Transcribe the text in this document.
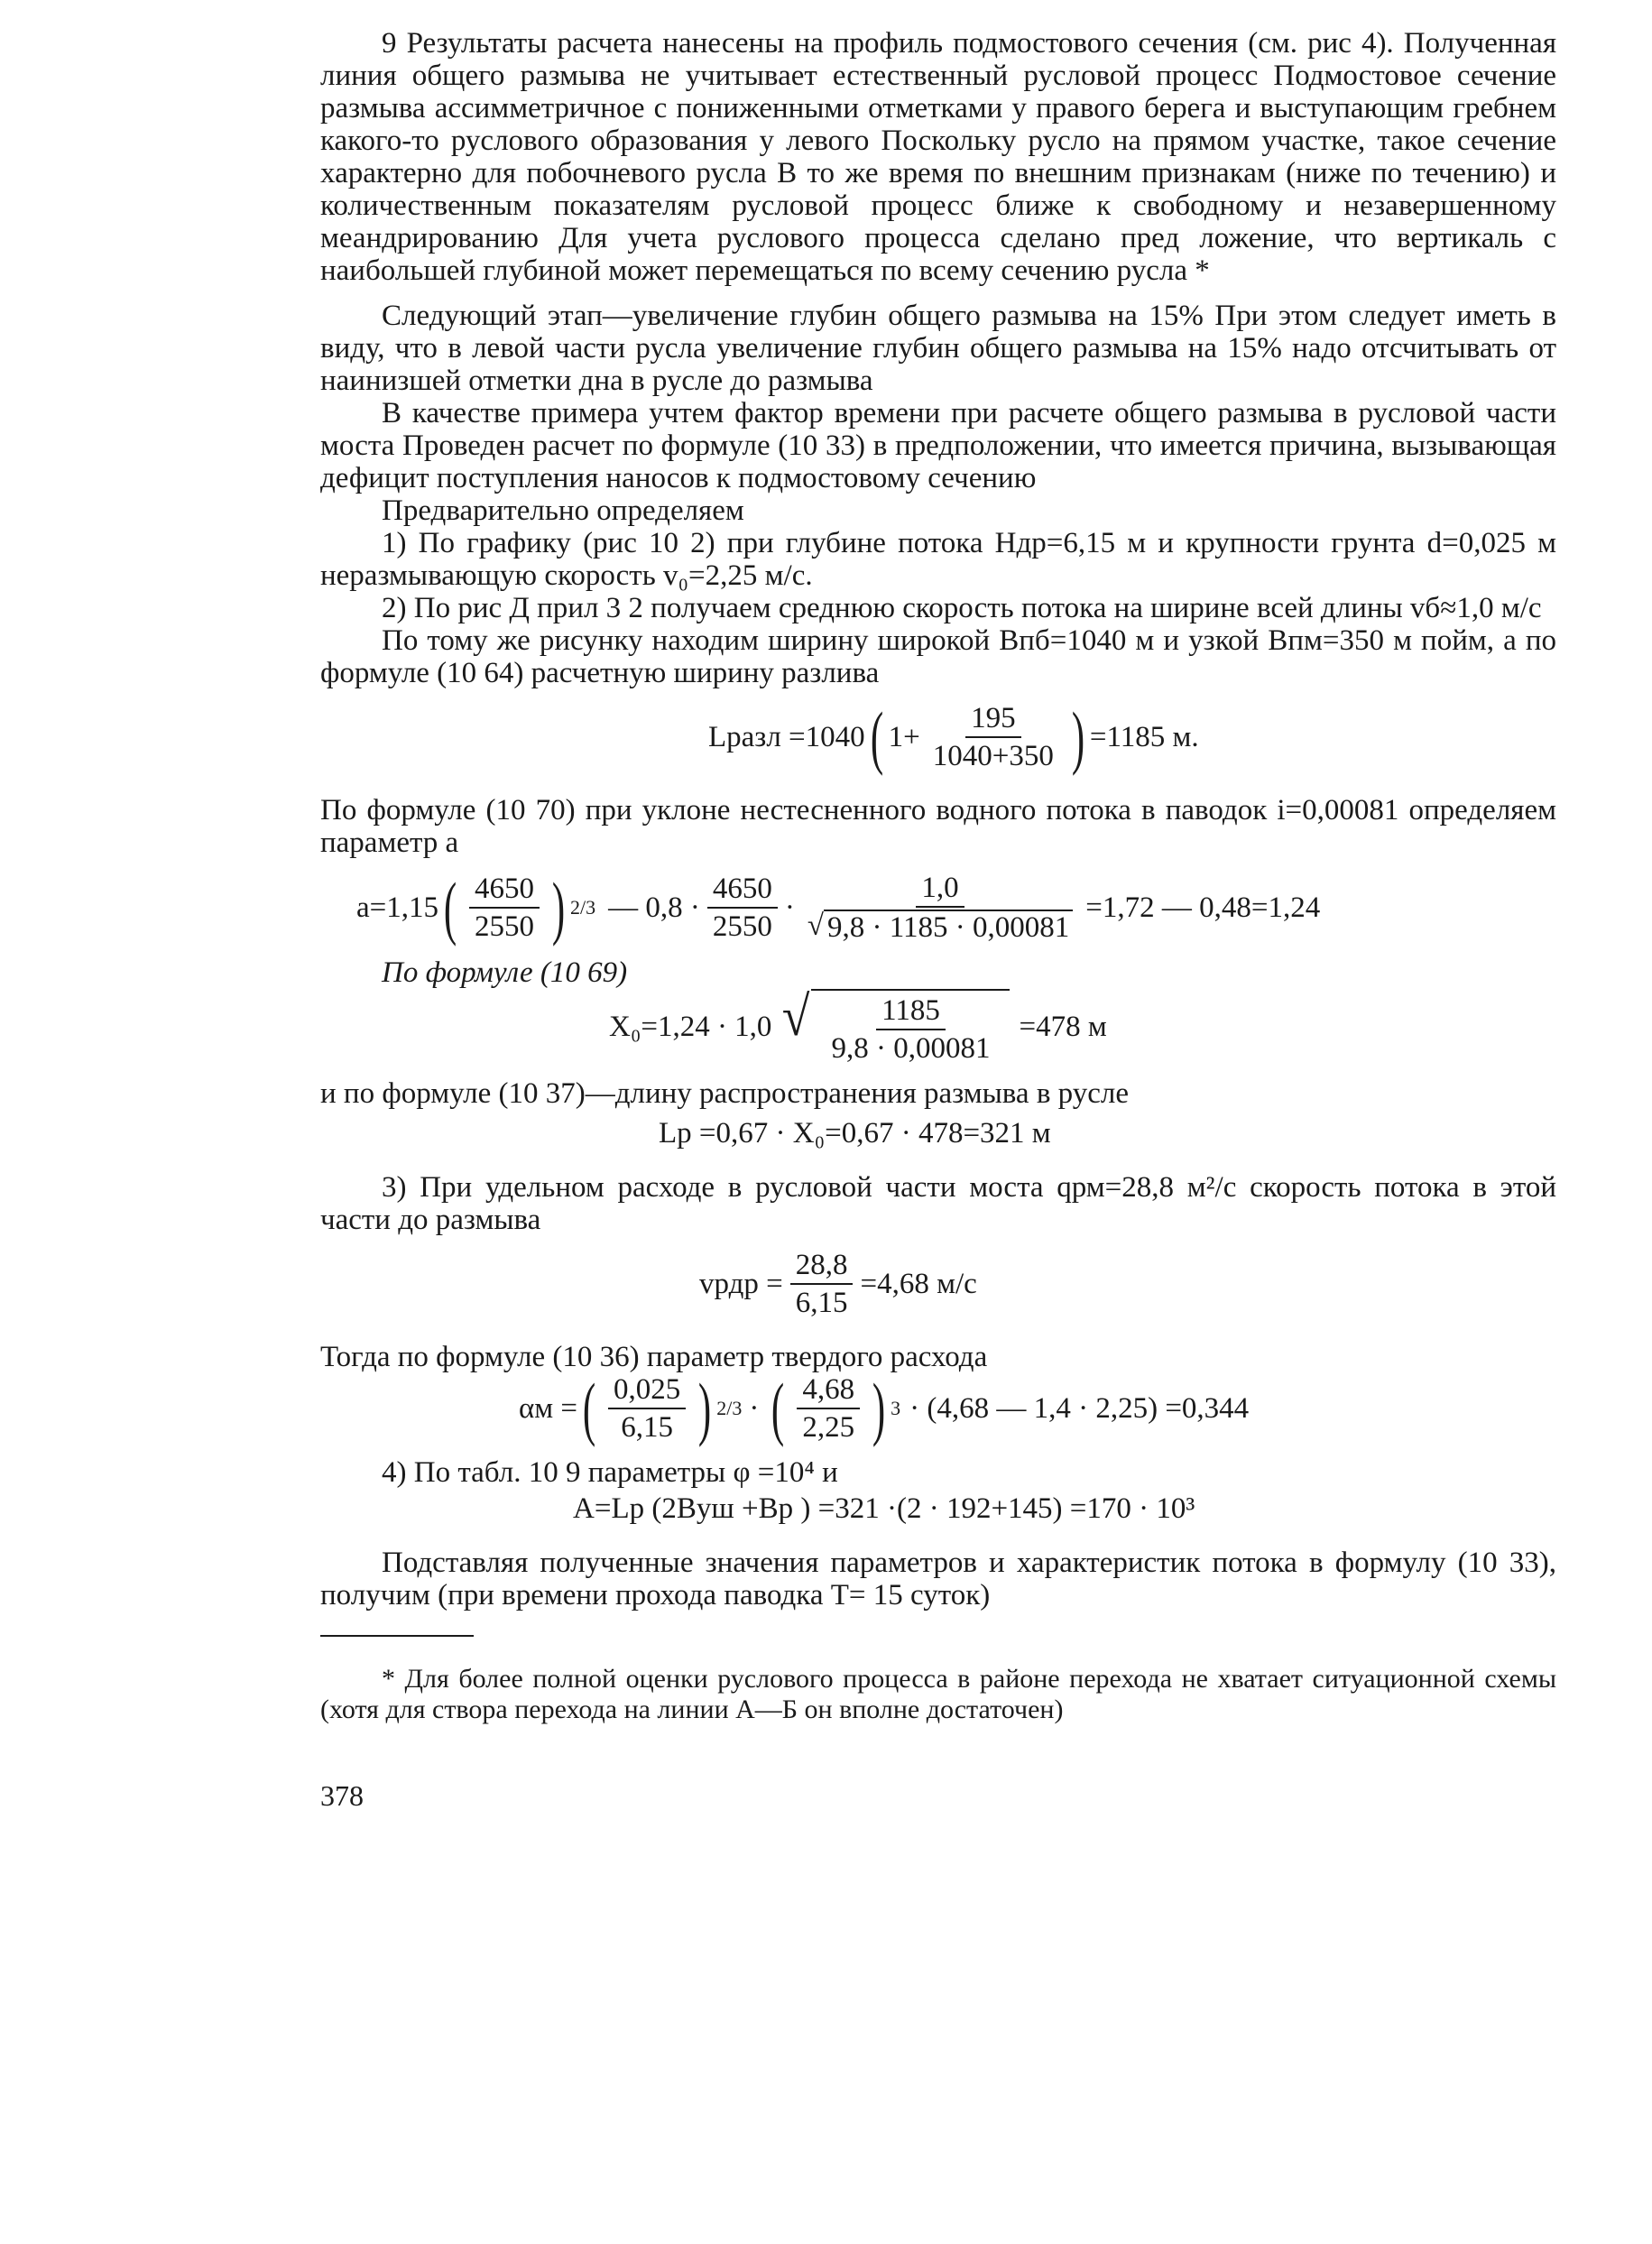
9 Результаты расчета нанесены на профиль подмостового сечения (см. рис 4). Полученная линия общего размыва не учитывает естественный русловой процесс Подмостовое сечение размыва ассимметричное с пониженными отметками у правого берега и выступающим гребнем какого-то руслового образования у левого Поскольку русло на прямом участке, такое сечение характерно для побочневого русла В то же время по внешним признакам (ниже по течению) и количественным показателям русловой процесс ближе к свободному и незавершенному меандрированию Для учета руслового процесса сделано пред ложение, что вертикаль с наибольшей глубиной может перемещаться по всему сечению русла *

Следующий этап—увеличение глубин общего размыва на 15% При этом следует иметь в виду, что в левой части русла увеличение глубин общего размыва на 15% надо отсчитывать от наинизшей отметки дна в русле до размыва

В качестве примера учтем фактор времени при расчете общего размыва в русловой части моста Проведен расчет по формуле (10 33) в предположении, что имеется причина, вызывающая дефицит поступления наносов к подмостовому сечению

Предварительно определяем

1) По графику (рис 10 2) при глубине потока Hдр=6,15 м и крупности грунта d=0,025 м неразмывающую скорость v₀=2,25 м/с.

2) По рис Д прил 3 2 получаем среднюю скорость потока на ширине всей длины vб≈1,0 м/с

По тому же рисунку находим ширину широкой Bпб=1040 м и узкой Bпм=350 м пойм, а по формуле (10 64) расчетную ширину разлива

Lразл =1040 ( $1+ \frac{195}{1040+350}$ ) =1185 м.

По формуле (10 70) при уклоне нестесненного водного потока в паводок i=0,00081 определяем параметр a

a=1,15 ( $\frac{4650}{2550}$ ) 2/3 — $0,8 \cdot \frac{4650}{2550} \cdot \frac{1,0}{√ 9,8 \cdot 1185 \cdot 0,00081} =1,72$ — 0,48=1,24

По формуле (10 69)

X₀=1,24 · 1,0 √ $\frac{1185}{9,8 \cdot 0,00081} =478$ м

и по формуле (10 37)—длину распространения размыва в русле

Lр =0,67 · X₀=0,67 · 478=321 м

3) При удельном расходе в русловой части моста qрм=28,8 м²/с скорость потока в этой части до размыва

vрдр = $\frac{28,8}{6,15} =4,68$ м/с

Тогда по формуле (10 36) параметр твердого расхода

αм = ( $\frac{0,025}{6,15}$ ) 2/3 · ( $\frac{4,68}{2,25}$ ) 3 · (4,68 — 1,4 · 2,25) =0,344

4) По табл. 10 9 параметры φ =10⁴ и

A=Lр (2Bуш +Bр ) =321 ·(2 · 192+145) =170 · 10³

Подставляя полученные значения параметров и характеристик потока в формулу (10 33), получим (при времени прохода паводка T= 15 суток)

* Для более полной оценки руслового процесса в районе перехода не хватает ситуационной схемы (хотя для створа перехода на линии А—Б он вполне достаточен)

378
